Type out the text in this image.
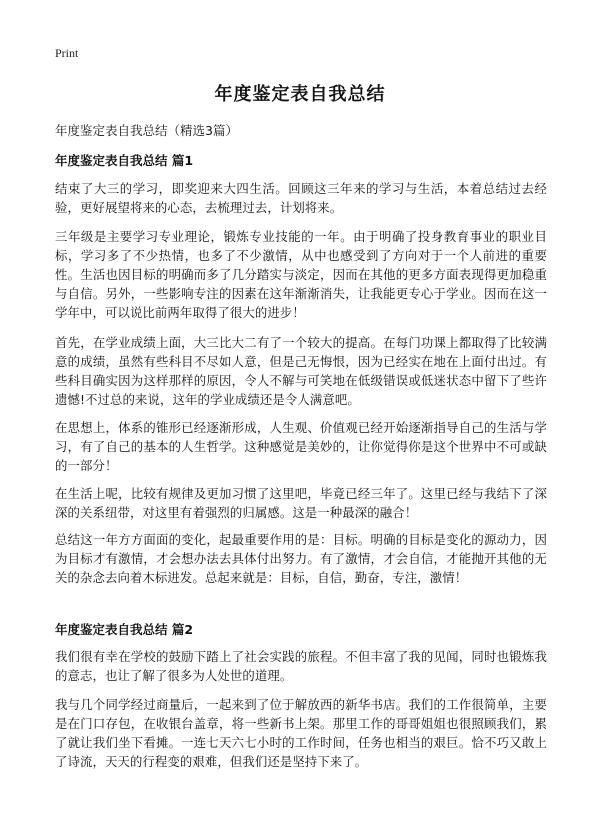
Print
年度鉴定表自我总结
年度鉴定表自我总结（精选3篇）
年度鉴定表自我总结 篇1
结束了大三的学习，即奖迎来大四生活。回顾这三年来的学习与生活，本着总结过去经验，更好展望将来的心态，去梳理过去，计划将来。
三年级是主要学习专业理论，锻炼专业技能的一年。由于明确了投身教育事业的职业目标，学习多了不少热情，也多了不少激情，从中也感受到了方向对于一个人前进的重要性。生活也因目标的明确而多了几分踏实与淡定，因而在其他的更多方面表现得更加稳重与自信。另外，一些影响专注的因素在这年渐渐消失，让我能更专心于学业。因而在这一学年中，可以说比前两年取得了很大的进步！
首先，在学业成绩上面，大三比大二有了一个较大的提高。在每门功课上都取得了比较满意的成绩，虽然有些科目不尽如人意，但是己无悔恨，因为已经实在地在上面付出过。有些科目确实因为这样那样的原因，令人不解与可笑地在低级错误或低迷状态中留下了些许遗憾!不过总的来说，这年的学业成绩还是令人满意吧。
在思想上，体系的锥形已经逐渐形成，人生观、价值观已经开始逐渐指导自己的生活与学习，有了自己的基本的人生哲学。这种感觉是美妙的，让你觉得你是这个世界中不可或缺的一部分！
在生活上呢，比较有规律及更加习惯了这里吧，毕竟已经三年了。这里已经与我结下了深深的关系纽带，对这里有着强烈的归属感。这是一种最深的融合！
总结这一年方方面面的变化，起最重要作用的是：目标。明确的目标是变化的源动力，因为目标才有激情，才会想办法去具体付出努力。有了激情，才会自信，才能抛开其他的无关的杂念去向着木标进发。总起来就是：目标，自信，勤奋，专注，激情！
年度鉴定表自我总结 篇2
我们很有幸在学校的鼓励下踏上了社会实践的旅程。不但丰富了我的见闻，同时也锻炼我的意志，也让了解了很多为人处世的道理。
我与几个同学经过商量后，一起来到了位于解放西的新华书店。我们的工作很简单，主要是在门口存包，在收银台盖章，将一些新书上架。那里工作的哥哥姐姐也很照顾我们，累了就让我们坐下看摊。一连七天六七小时的工作时间，任务也相当的艰巨。恰不巧又敢上了诗流，天天的行程变的艰难，但我们还是坚持下来了。
